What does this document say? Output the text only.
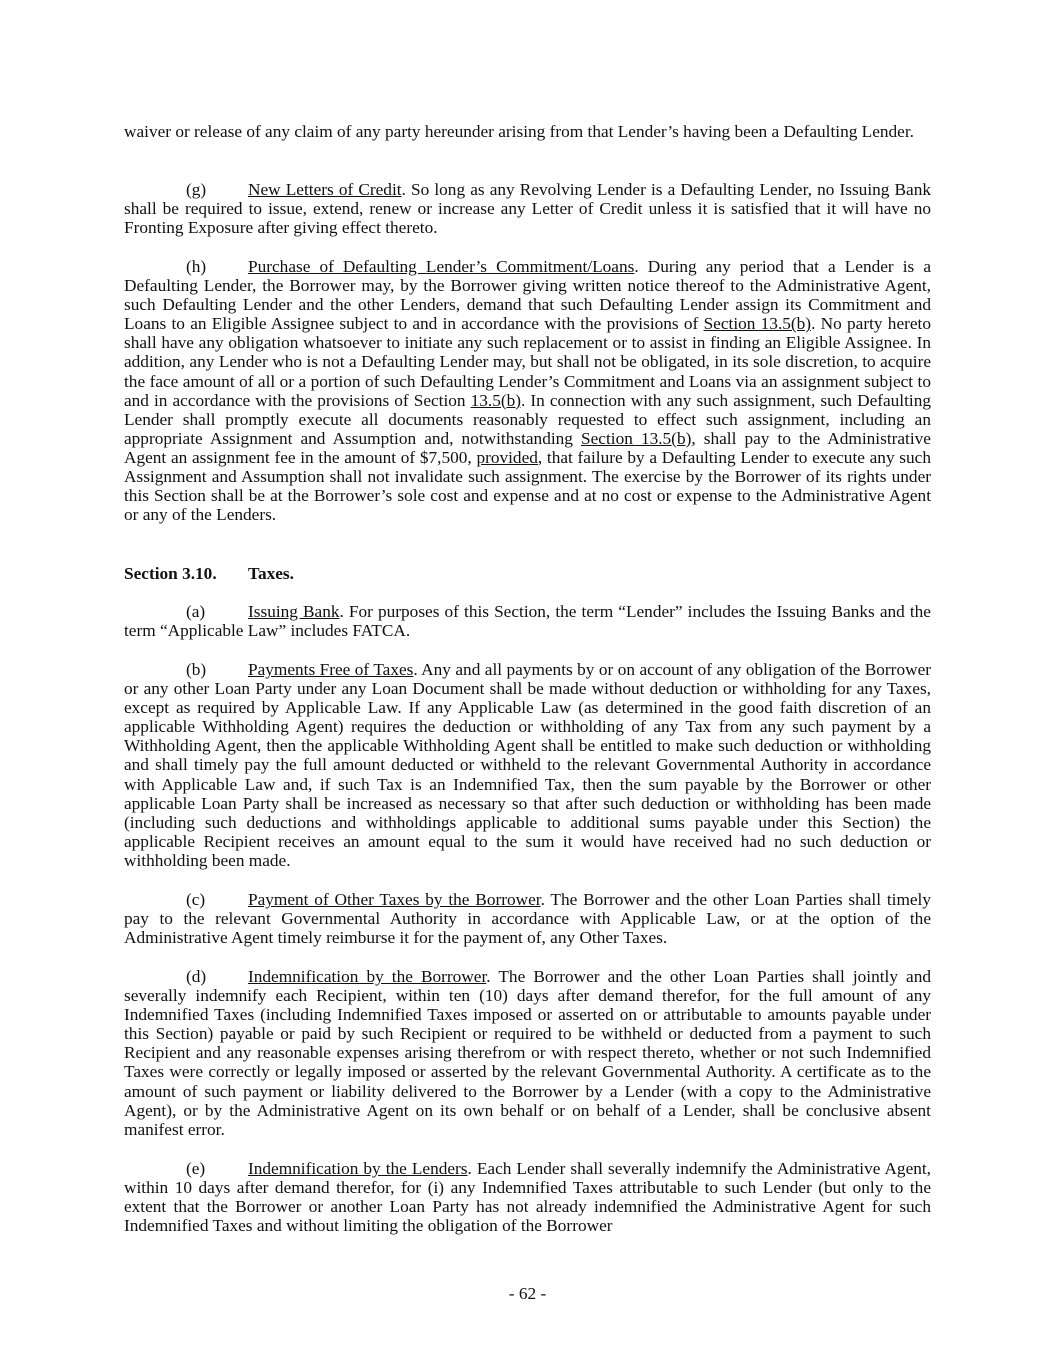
waiver or release of any claim of any party hereunder arising from that Lender’s having been a Defaulting Lender.

(g) New Letters of Credit. So long as any Revolving Lender is a Defaulting Lender, no Issuing Bank shall be required to issue, extend, renew or increase any Letter of Credit unless it is satisfied that it will have no Fronting Exposure after giving effect thereto.

(h) Purchase of Defaulting Lender’s Commitment/Loans. During any period that a Lender is a Defaulting Lender, the Borrower may, by the Borrower giving written notice thereof to the Administrative Agent, such Defaulting Lender and the other Lenders, demand that such Defaulting Lender assign its Commitment and Loans to an Eligible Assignee subject to and in accordance with the provisions of Section 13.5(b). No party hereto shall have any obligation whatsoever to initiate any such replacement or to assist in finding an Eligible Assignee. In addition, any Lender who is not a Defaulting Lender may, but shall not be obligated, in its sole discretion, to acquire the face amount of all or a portion of such Defaulting Lender’s Commitment and Loans via an assignment subject to and in accordance with the provisions of Section 13.5(b). In connection with any such assignment, such Defaulting Lender shall promptly execute all documents reasonably requested to effect such assignment, including an appropriate Assignment and Assumption and, notwithstanding Section 13.5(b), shall pay to the Administrative Agent an assignment fee in the amount of $7,500, provided, that failure by a Defaulting Lender to execute any such Assignment and Assumption shall not invalidate such assignment. The exercise by the Borrower of its rights under this Section shall be at the Borrower’s sole cost and expense and at no cost or expense to the Administrative Agent or any of the Lenders.

Section 3.10. Taxes.

(a) Issuing Bank. For purposes of this Section, the term “Lender” includes the Issuing Banks and the term “Applicable Law” includes FATCA.

(b) Payments Free of Taxes. Any and all payments by or on account of any obligation of the Borrower or any other Loan Party under any Loan Document shall be made without deduction or withholding for any Taxes, except as required by Applicable Law. If any Applicable Law (as determined in the good faith discretion of an applicable Withholding Agent) requires the deduction or withholding of any Tax from any such payment by a Withholding Agent, then the applicable Withholding Agent shall be entitled to make such deduction or withholding and shall timely pay the full amount deducted or withheld to the relevant Governmental Authority in accordance with Applicable Law and, if such Tax is an Indemnified Tax, then the sum payable by the Borrower or other applicable Loan Party shall be increased as necessary so that after such deduction or withholding has been made (including such deductions and withholdings applicable to additional sums payable under this Section) the applicable Recipient receives an amount equal to the sum it would have received had no such deduction or withholding been made.

(c) Payment of Other Taxes by the Borrower. The Borrower and the other Loan Parties shall timely pay to the relevant Governmental Authority in accordance with Applicable Law, or at the option of the Administrative Agent timely reimburse it for the payment of, any Other Taxes.

(d) Indemnification by the Borrower. The Borrower and the other Loan Parties shall jointly and severally indemnify each Recipient, within ten (10) days after demand therefor, for the full amount of any Indemnified Taxes (including Indemnified Taxes imposed or asserted on or attributable to amounts payable under this Section) payable or paid by such Recipient or required to be withheld or deducted from a payment to such Recipient and any reasonable expenses arising therefrom or with respect thereto, whether or not such Indemnified Taxes were correctly or legally imposed or asserted by the relevant Governmental Authority. A certificate as to the amount of such payment or liability delivered to the Borrower by a Lender (with a copy to the Administrative Agent), or by the Administrative Agent on its own behalf or on behalf of a Lender, shall be conclusive absent manifest error.

(e) Indemnification by the Lenders. Each Lender shall severally indemnify the Administrative Agent, within 10 days after demand therefor, for (i) any Indemnified Taxes attributable to such Lender (but only to the extent that the Borrower or another Loan Party has not already indemnified the Administrative Agent for such Indemnified Taxes and without limiting the obligation of the Borrower

- 62 -
